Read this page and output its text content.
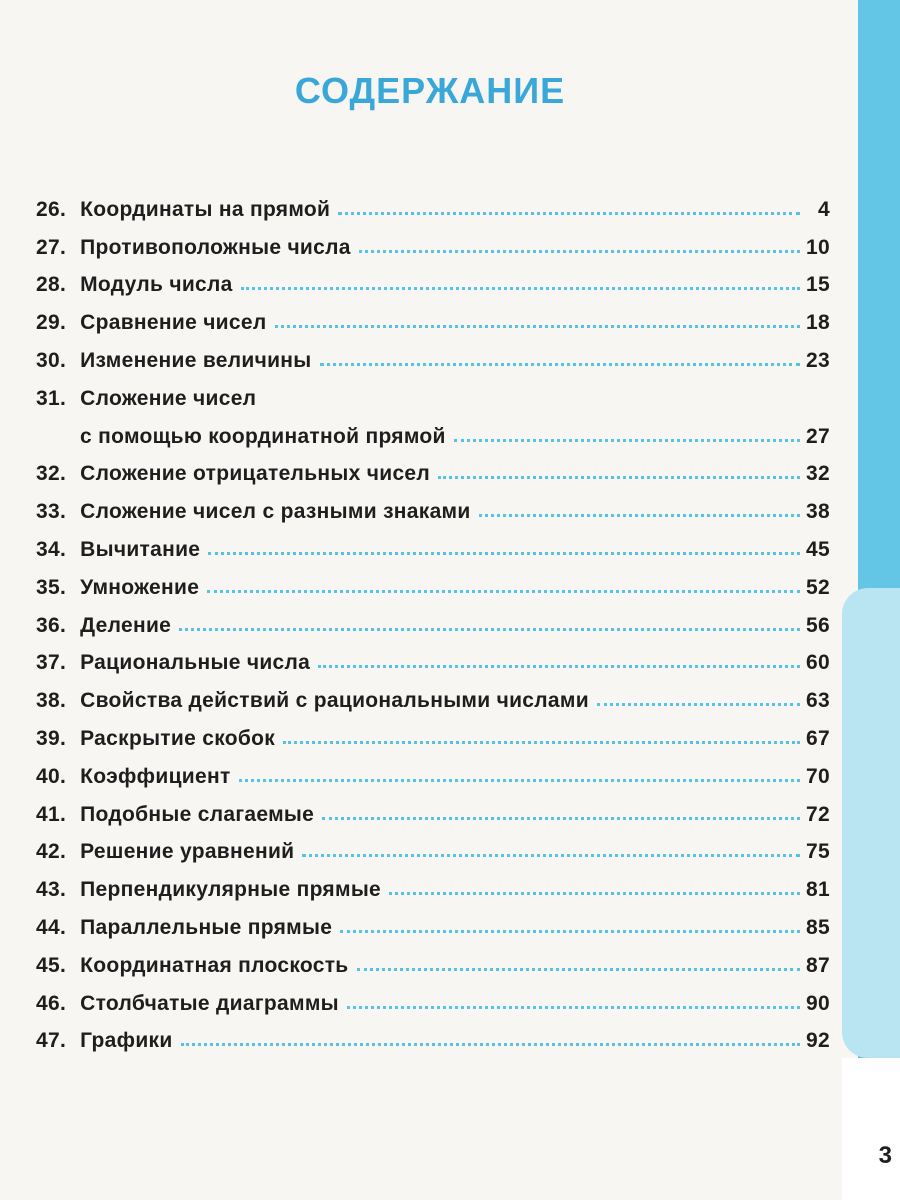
СОДЕРЖАНИЕ
26. Координаты на прямой	4
27. Противоположные числа	10
28. Модуль числа	15
29. Сравнение чисел	18
30. Изменение величины	23
31. Сложение чисел
с помощью координатной прямой	27
32. Сложение отрицательных чисел	32
33. Сложение чисел с разными знаками	38
34. Вычитание	45
35. Умножение	52
36. Деление	56
37. Рациональные числа	60
38. Свойства действий с рациональными числами	63
39. Раскрытие скобок	67
40. Коэффициент	70
41. Подобные слагаемые	72
42. Решение уравнений	75
43. Перпендикулярные прямые	81
44. Параллельные прямые	85
45. Координатная плоскость	87
46. Столбчатые диаграммы	90
47. Графики	92
3
